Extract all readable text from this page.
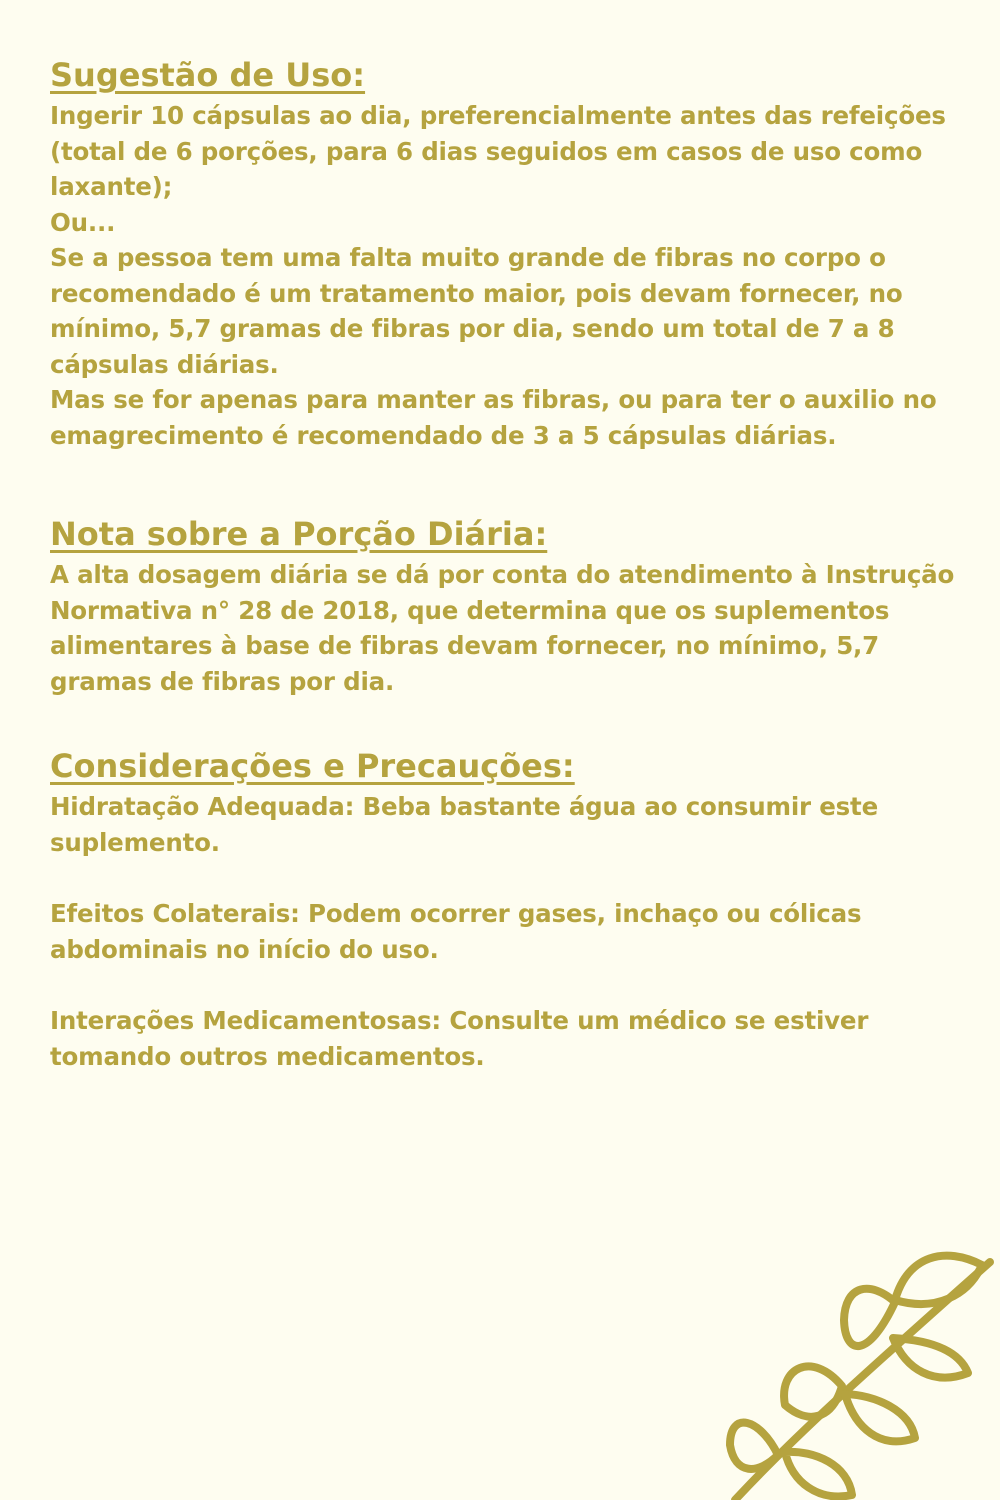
Sugestão de Uso:

Ingerir 10 cápsulas ao dia, preferencialmente antes das refeições (total de 6 porções, para 6 dias seguidos em casos de uso como laxante);

Ou...

Se a pessoa tem uma falta muito grande de fibras no corpo o recomendado é um tratamento maior, pois devam fornecer, no mínimo, 5,7 gramas de fibras por dia, sendo um total de 7 a 8 cápsulas diárias.

Mas se for apenas para manter as fibras, ou para ter o auxilio no emagrecimento é recomendado de 3 a 5 cápsulas diárias.

Nota sobre a Porção Diária:

A alta dosagem diária se dá por conta do atendimento à Instrução Normativa n° 28 de 2018, que determina que os suplementos alimentares à base de fibras devam fornecer, no mínimo, 5,7 gramas de fibras por dia.

Considerações e Precauções:

Hidratação Adequada: Beba bastante água ao consumir este suplemento.

Efeitos Colaterais: Podem ocorrer gases, inchaço ou cólicas abdominais no início do uso.

Interações Medicamentosas: Consulte um médico se estiver tomando outros medicamentos.
